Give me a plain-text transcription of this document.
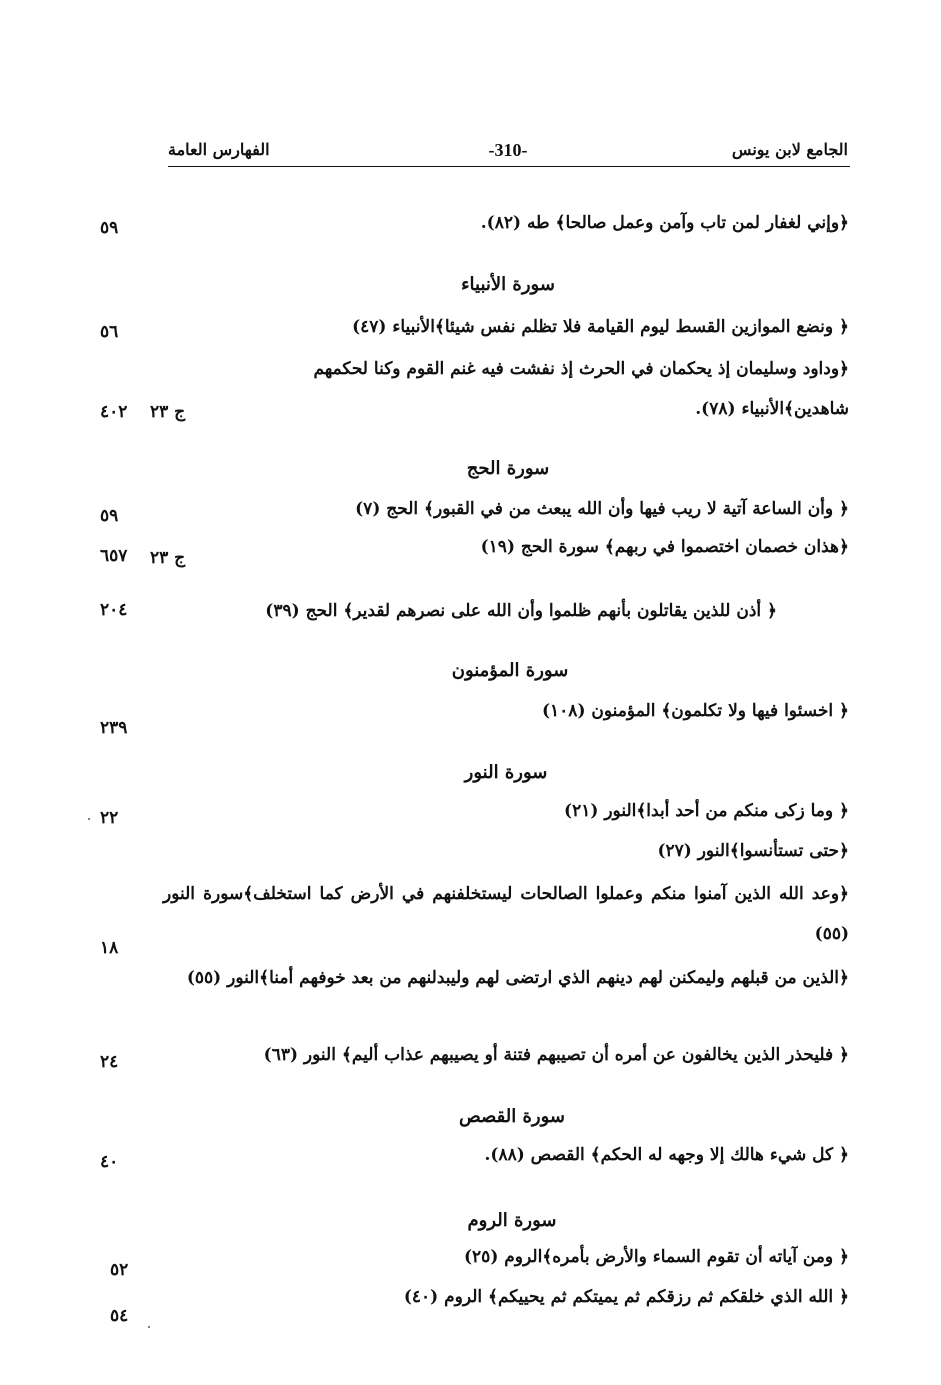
الجامع لابن يونس
-310-
الفهارس العامة
﴿وإني لغفار لمن تاب وآمن وعمل صالحا﴾ طه (٨٢).
٥٩
سورة الأنبياء
﴿ ونضع الموازين القسط ليوم القيامة فلا تظلم نفس شيئا﴾الأنبياء (٤٧)
٥٦
﴿وداود وسليمان إذ يحكمان في الحرث إذ نفشت فيه غنم القوم وكنا لحكمهم
شاهدين﴾الأنبياء (٧٨).
ج ٢٣
٤٠٢
سورة الحج
﴿ وأن الساعة آتية لا ريب فيها وأن الله يبعث من في القبور﴾ الحج (٧)
٥٩
﴿هذان خصمان اختصموا في ربهم﴾ سورة الحج (١٩)
ج ٢٣
٦٥٧
﴿ أذن للذين يقاتلون بأنهم ظلموا وأن الله على نصرهم لقدير﴾ الحج (٣٩)
٢٠٤
سورة المؤمنون
﴿ اخسئوا فيها ولا تكلمون﴾ المؤمنون (١٠٨)
٢٣٩
سورة النور
﴿ وما زكى منكم من أحد أبدا﴾النور (٢١)
٢٢
﴿حتى تستأنسوا﴾النور (٢٧)
﴿وعد الله الذين آمنوا منكم وعملوا الصالحات ليستخلفنهم في الأرض كما استخلف﴾سورة النور (٥٥)
١٨
﴿الذين من قبلهم وليمكنن لهم دينهم الذي ارتضى لهم وليبدلنهم من بعد خوفهم أمنا﴾النور (٥٥)
﴿ فليحذر الذين يخالفون عن أمره أن تصيبهم فتنة أو يصيبهم عذاب أليم﴾ النور (٦٣)
٢٤
سورة القصص
﴿ كل شيء هالك إلا وجهه له الحكم﴾ القصص (٨٨).
٤٠
سورة الروم
﴿ ومن آياته أن تقوم السماء والأرض بأمره﴾الروم (٢٥)
٥٢
﴿ الله الذي خلقكم ثم رزقكم ثم يميتكم ثم يحييكم﴾ الروم (٤٠)
٥٤
